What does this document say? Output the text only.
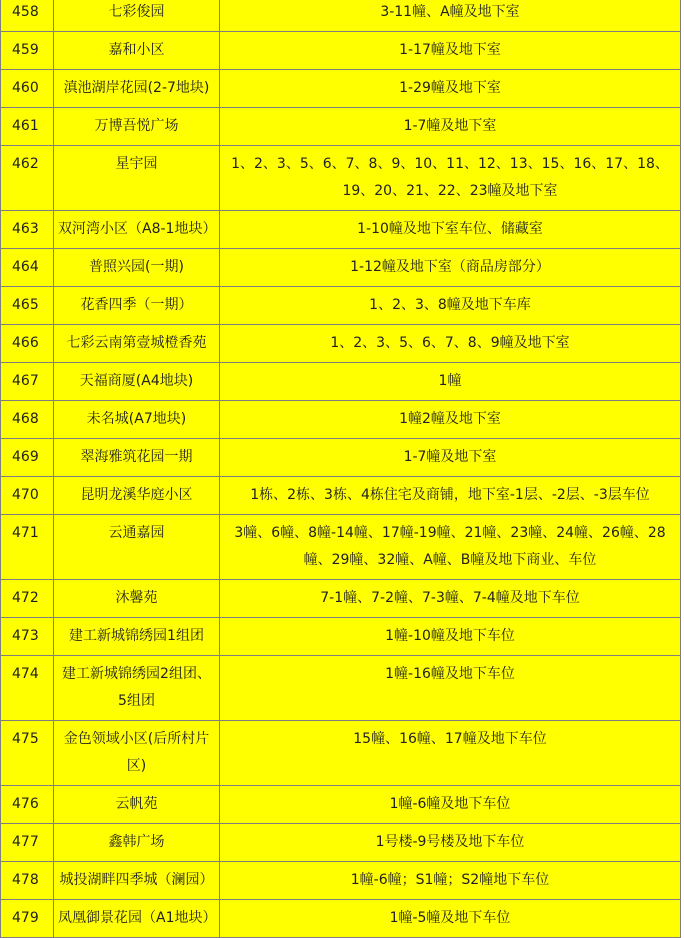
458	七彩俊园	3-11幢、A幢及地下室
459	嘉和小区	1-17幢及地下室
460	滇池湖岸花园(2-7地块)	1-29幢及地下室
461	万博吾悦广场	1-7幢及地下室
462	星宇园	1、2、3、5、6、7、8、9、10、11、12、13、15、16、17、18、19、20、21、22、23幢及地下室
463	双河湾小区（A8-1地块）	1-10幢及地下室车位、储藏室
464	普照兴园(一期)	1-12幢及地下室（商品房部分）
465	花香四季（一期）	1、2、3、8幢及地下车库
466	七彩云南第壹城橙香苑	1、2、3、5、6、7、8、9幢及地下室
467	天福商厦(A4地块)	1幢
468	未名城(A7地块)	1幢2幢及地下室
469	翠海雅筑花园一期	1-7幢及地下室
470	昆明龙溪华庭小区	1栋、2栋、3栋、4栋住宅及商铺，地下室-1层、-2层、-3层车位
471	云通嘉园	3幢、6幢、8幢-14幢、17幢-19幢、21幢、23幢、24幢、26幢、28幢、29幢、32幢、A幢、B幢及地下商业、车位
472	沐馨苑	7-1幢、7-2幢、7-3幢、7-4幢及地下车位
473	建工新城锦绣园1组团	1幢-10幢及地下车位
474	建工新城锦绣园2组团、5组团	1幢-16幢及地下车位
475	金色领域小区(后所村片区)	15幢、16幢、17幢及地下车位
476	云帆苑	1幢-6幢及地下车位
477	鑫韩广场	1号楼-9号楼及地下车位
478	城投湖畔四季城（澜园）	1幢-6幢；S1幢；S2幢地下车位
479	凤凰御景花园（A1地块）	1幢-5幢及地下车位
